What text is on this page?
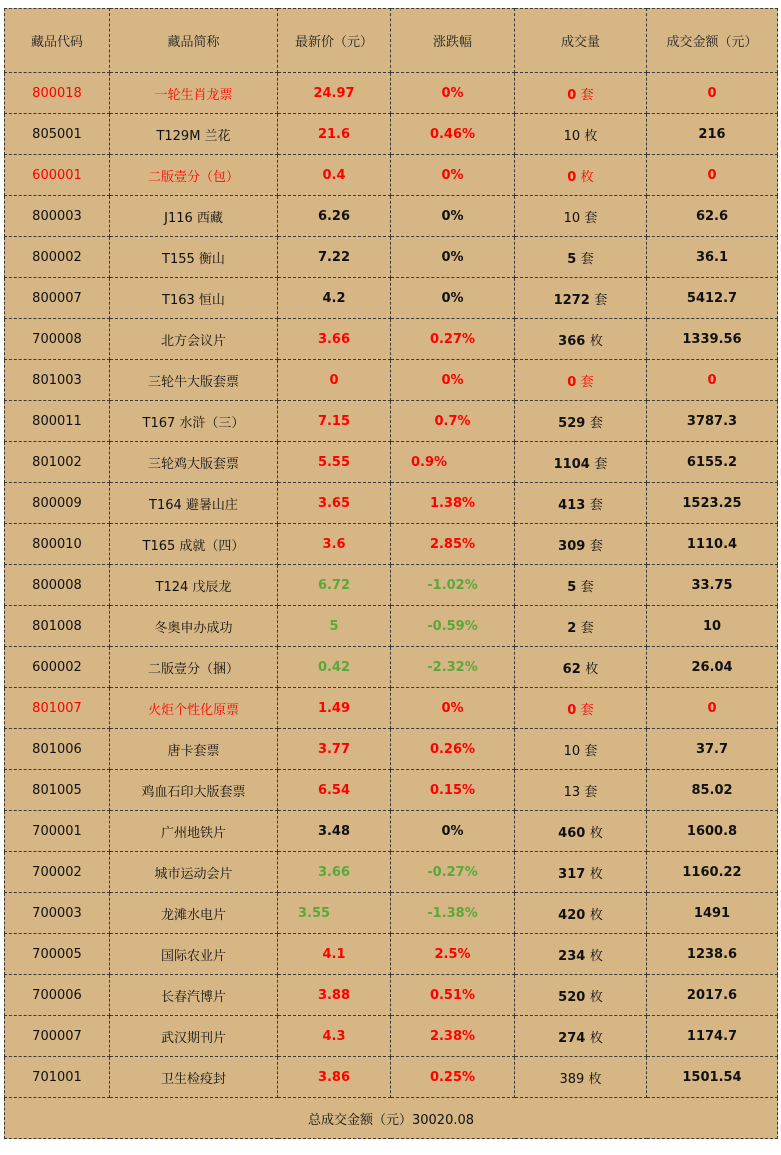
藏品代码	藏品简称	最新价（元）	涨跌幅	成交量	成交金额（元）
800018	一轮生肖龙票	24.97	0%	0 套	0
805001	T129M 兰花	21.6	0.46%	10 枚	216
600001	二版壹分（包）	0.4	0%	0 枚	0
800003	J116 西藏	6.26	0%	10 套	62.6
800002	T155 衡山	7.22	0%	5 套	36.1
800007	T163 恒山	4.2	0%	1272 套	5412.7
700008	北方会议片	3.66	0.27%	366 枚	1339.56
801003	三轮牛大版套票	0	0%	0 套	0
800011	T167 水浒（三）	7.15	0.7%	529 套	3787.3
801002	三轮鸡大版套票	5.55	0.9%	1104 套	6155.2
800009	T164 避暑山庄	3.65	1.38%	413 套	1523.25
800010	T165 成就（四）	3.6	2.85%	309 套	1110.4
800008	T124 戊辰龙	6.72	-1.02%	5 套	33.75
801008	冬奥申办成功	5	-0.59%	2 套	10
600002	二版壹分（捆）	0.42	-2.32%	62 枚	26.04
801007	火炬个性化原票	1.49	0%	0 套	0
801006	唐卡套票	3.77	0.26%	10 套	37.7
801005	鸡血石印大版套票	6.54	0.15%	13 套	85.02
700001	广州地铁片	3.48	0%	460 枚	1600.8
700002	城市运动会片	3.66	-0.27%	317 枚	1160.22
700003	龙滩水电片	3.55	-1.38%	420 枚	1491
700005	国际农业片	4.1	2.5%	234 枚	1238.6
700006	长春汽博片	3.88	0.51%	520 枚	2017.6
700007	武汉期刊片	4.3	2.38%	274 枚	1174.7
701001	卫生检疫封	3.86	0.25%	389 枚	1501.54
总成交金额（元）30020.08					
